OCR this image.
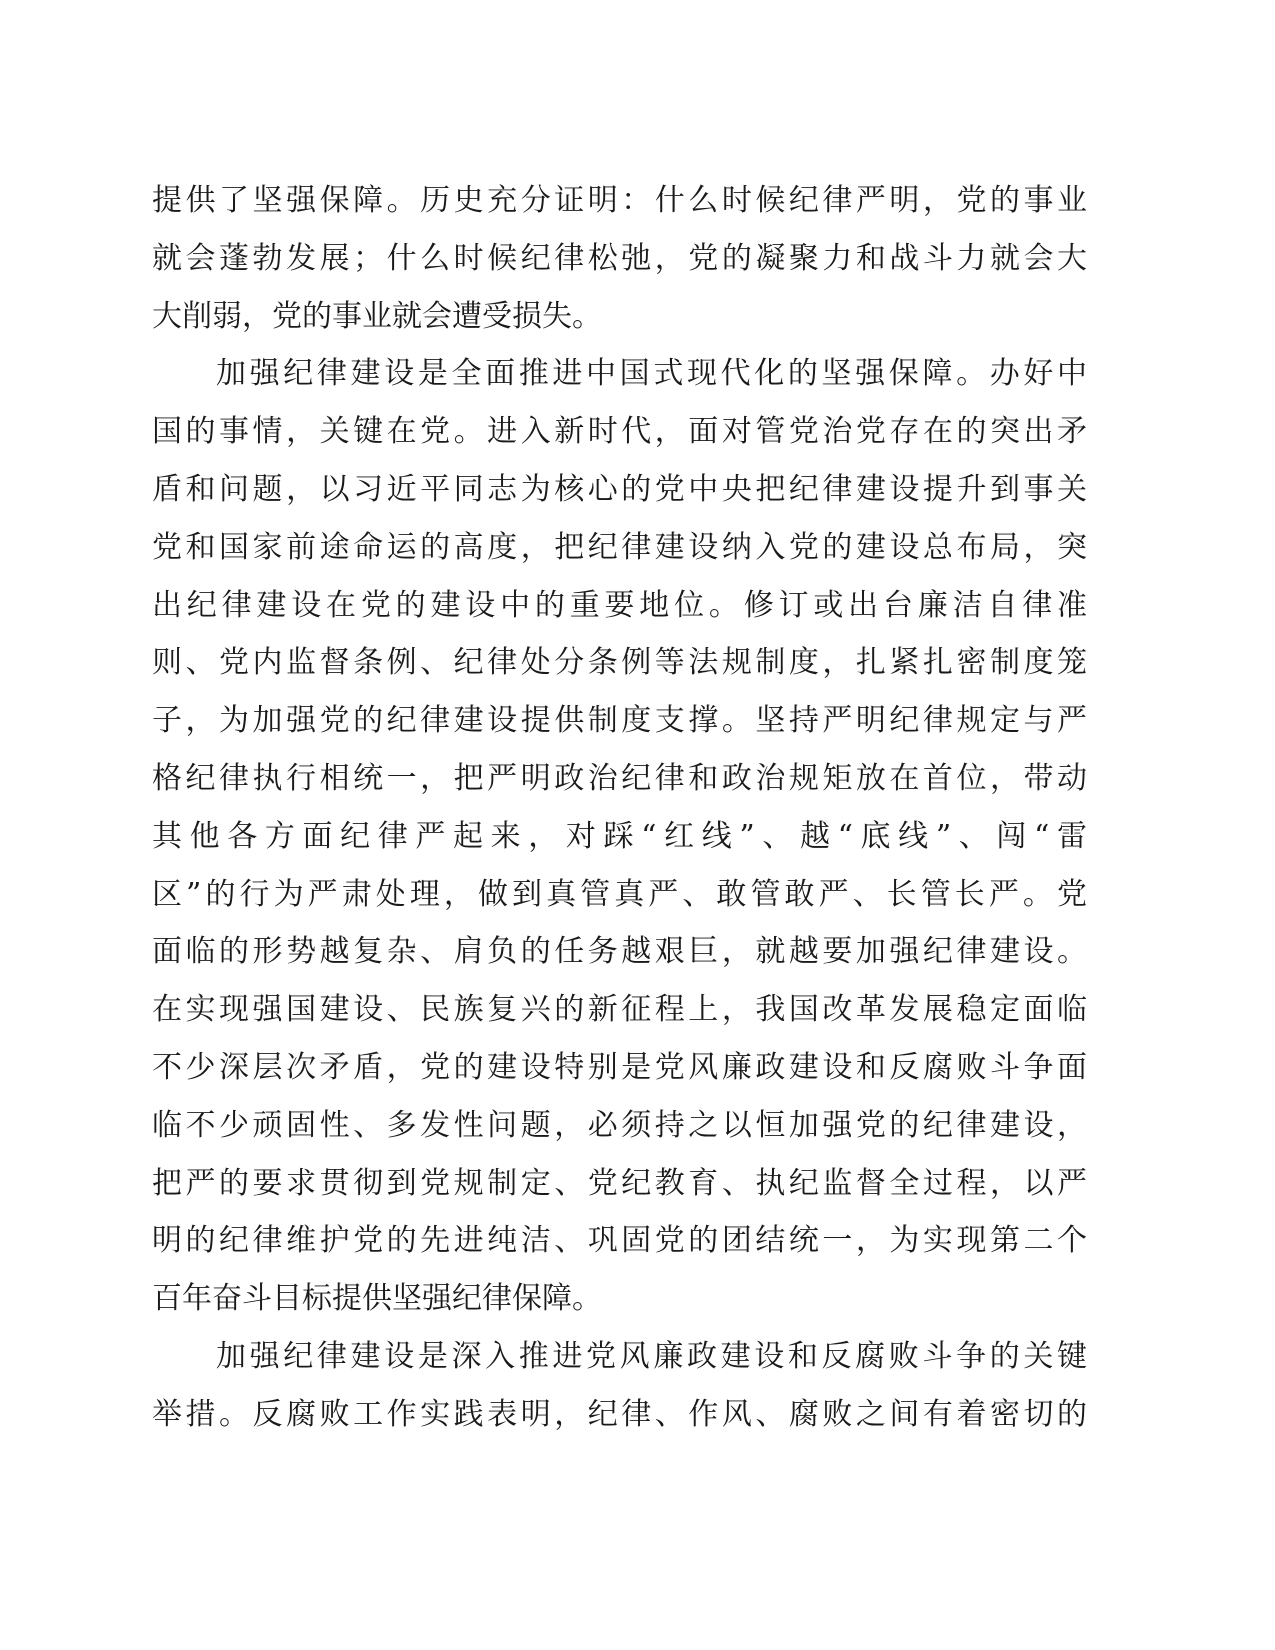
提供了坚强保障。历史充分证明：什么时候纪律严明，党的事业
就会蓬勃发展；什么时候纪律松弛，党的凝聚力和战斗力就会大
大削弱，党的事业就会遭受损失。
加强纪律建设是全面推进中国式现代化的坚强保障。办好中
国的事情，关键在党。进入新时代，面对管党治党存在的突出矛
盾和问题，以习近平同志为核心的党中央把纪律建设提升到事关
党和国家前途命运的高度，把纪律建设纳入党的建设总布局，突
出纪律建设在党的建设中的重要地位。修订或出台廉洁自律准
则、党内监督条例、纪律处分条例等法规制度，扎紧扎密制度笼
子，为加强党的纪律建设提供制度支撑。坚持严明纪律规定与严
格纪律执行相统一，把严明政治纪律和政治规矩放在首位，带动
其他各方面纪律严起来，对踩“红线”、越“底线”、闯“雷
区”的行为严肃处理，做到真管真严、敢管敢严、长管长严。党
面临的形势越复杂、肩负的任务越艰巨，就越要加强纪律建设。
在实现强国建设、民族复兴的新征程上，我国改革发展稳定面临
不少深层次矛盾，党的建设特别是党风廉政建设和反腐败斗争面
临不少顽固性、多发性问题，必须持之以恒加强党的纪律建设，
把严的要求贯彻到党规制定、党纪教育、执纪监督全过程，以严
明的纪律维护党的先进纯洁、巩固党的团结统一，为实现第二个
百年奋斗目标提供坚强纪律保障。
加强纪律建设是深入推进党风廉政建设和反腐败斗争的关键
举措。反腐败工作实践表明，纪律、作风、腐败之间有着密切的
